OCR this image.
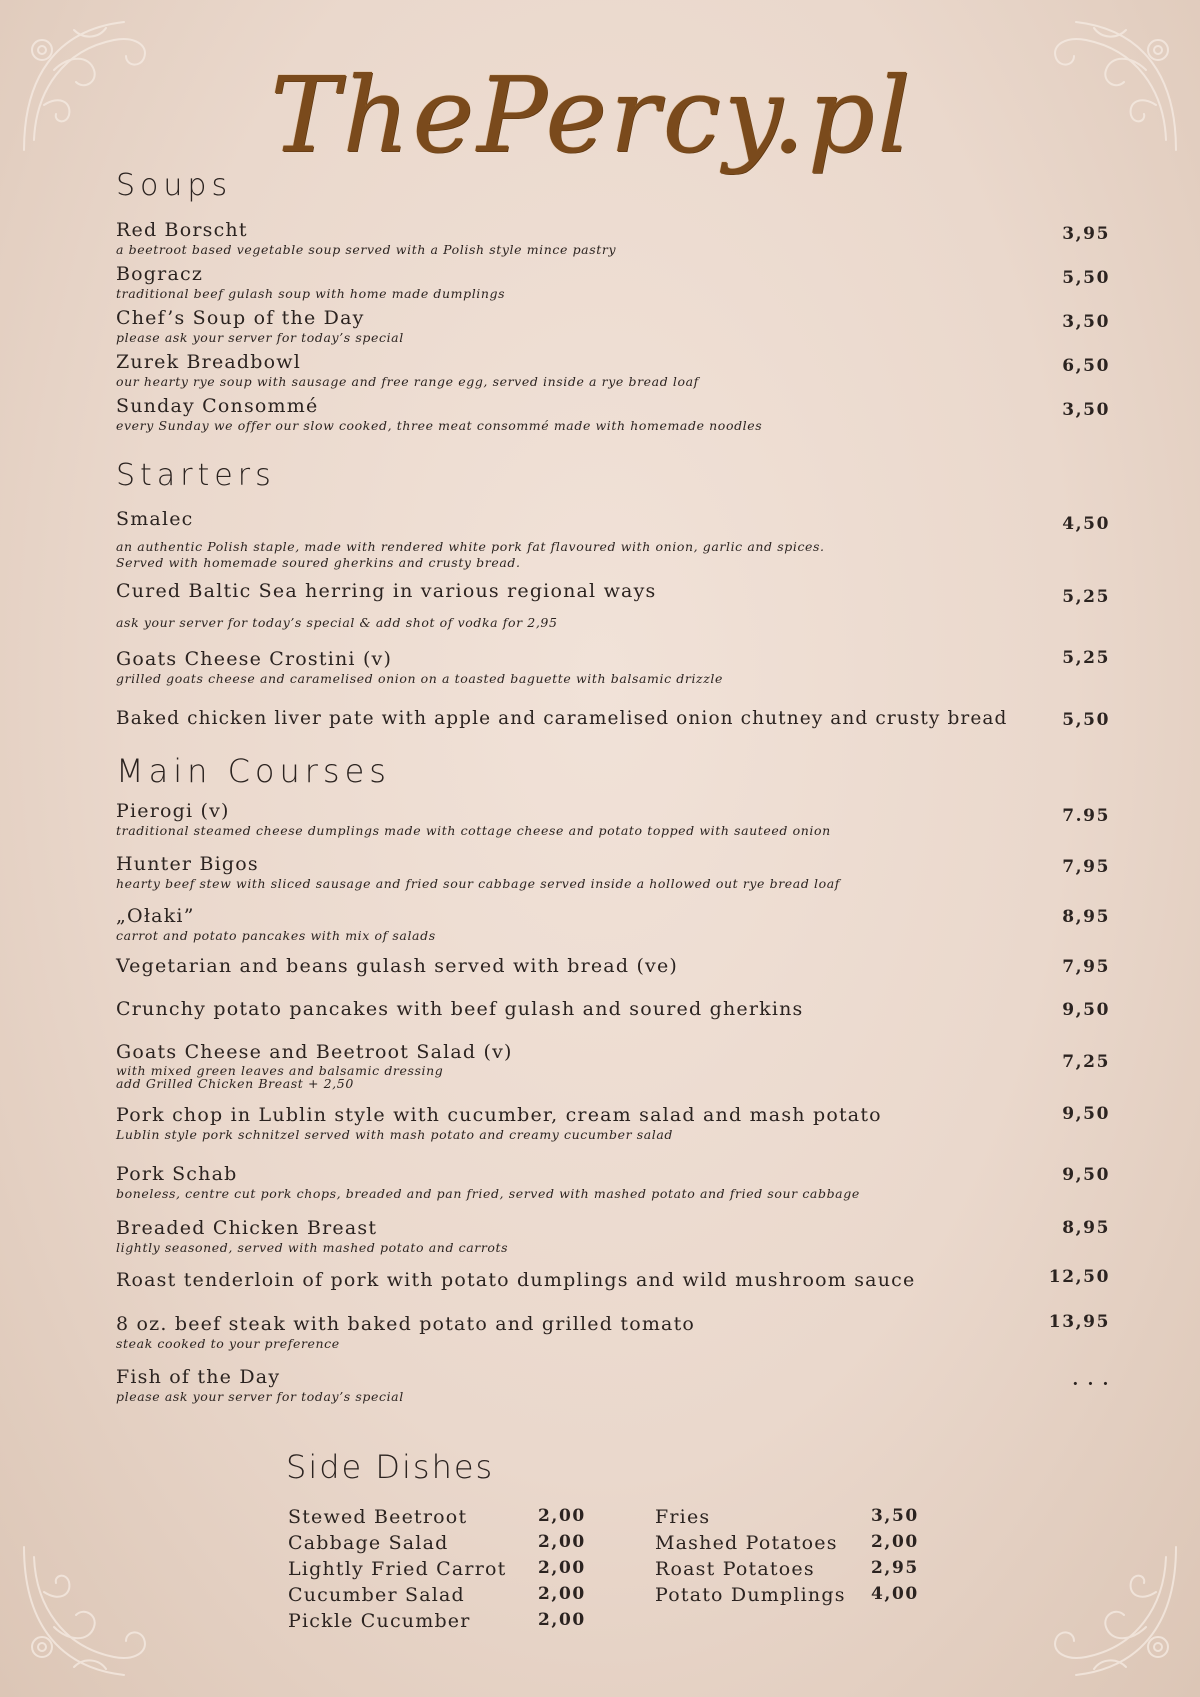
ThePercy.pl
Soups
Red Borscht
a beetroot based vegetable soup served with a Polish style mince pastry
3,95
Bogracz
traditional beef gulash soup with home made dumplings
5,50
Chef’s Soup of the Day
please ask your server for today’s special
3,50
Zurek Breadbowl
our hearty rye soup with sausage and free range egg, served inside a rye bread loaf
6,50
Sunday Consommé
every Sunday we offer our slow cooked, three meat consommé made with homemade noodles
3,50
Starters
Smalec
an authentic Polish staple, made with rendered white pork fat flavoured with onion, garlic and spices.
Served with homemade soured gherkins and crusty bread.
4,50
Cured Baltic Sea herring in various regional ways
ask your server for today’s special & add shot of vodka for 2,95
5,25
Goats Cheese Crostini (v)
grilled goats cheese and caramelised onion on a toasted baguette with balsamic drizzle
5,25
Baked chicken liver pate with apple and caramelised onion chutney and crusty bread	5,50
Main Courses
Pierogi (v)
traditional steamed cheese dumplings made with cottage cheese and potato topped with sauteed onion
7.95
Hunter Bigos
hearty beef stew with sliced sausage and fried sour cabbage served inside a hollowed out rye bread loaf
7,95
„Ołaki”
carrot and potato pancakes with mix of salads
8,95
Vegetarian and beans gulash served with bread (ve)	7,95
Crunchy potato pancakes with beef gulash and soured gherkins	9,50
Goats Cheese and Beetroot Salad (v)
with mixed green leaves and balsamic dressing
add Grilled Chicken Breast + 2,50
7,25
Pork chop in Lublin style with cucumber, cream salad and mash potato
Lublin style pork schnitzel served with mash potato and creamy cucumber salad
9,50
Pork Schab
boneless, centre cut pork chops, breaded and pan fried, served with mashed potato and fried sour cabbage
9,50
Breaded Chicken Breast
lightly seasoned, served with mashed potato and carrots
8,95
Roast tenderloin of pork with potato dumplings and wild mushroom sauce	12,50
8 oz. beef steak with baked potato and grilled tomato
steak cooked to your preference
13,95
Fish of the Day
please ask your server for today’s special
. . .
Side Dishes
Stewed Beetroot	2,00
Cabbage Salad	2,00
Lightly Fried Carrot 2,00
Cucumber Salad	2,00
Pickle Cucumber	2,00
Fries	3,50
Mashed Potatoes 2,00
Roast Potatoes	2,95
Potato Dumplings 4,00
